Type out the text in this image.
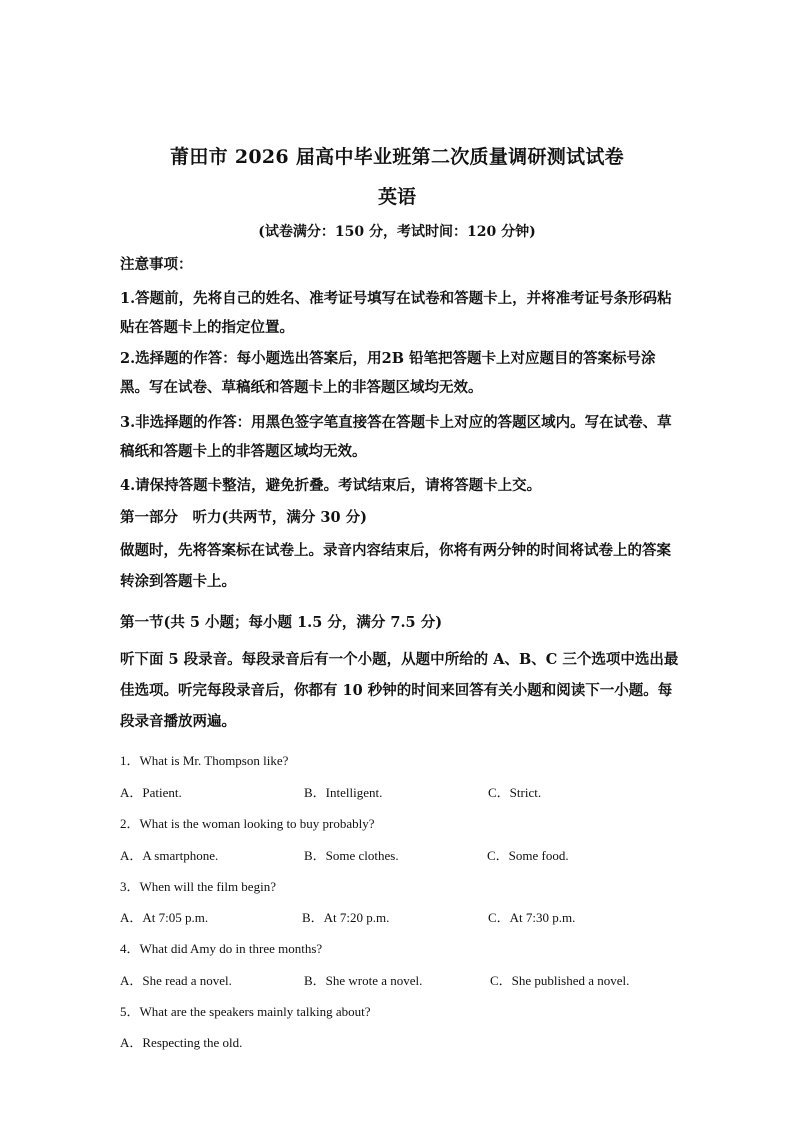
莆田市 2026 届高中毕业班第二次质量调研测试试卷
英语
(试卷满分：150 分，考试时间：120 分钟)
注意事项：
1.答题前，先将自己的姓名、准考证号填写在试卷和答题卡上，并将准考证号条形码粘贴在答题卡上的指定位置。
2.选择题的作答：每小题选出答案后，用2B 铅笔把答题卡上对应题目的答案标号涂黑。写在试卷、草稿纸和答题卡上的非答题区域均无效。
3.非选择题的作答：用黑色签字笔直接答在答题卡上对应的答题区域内。写在试卷、草稿纸和答题卡上的非答题区域均无效。
4.请保持答题卡整洁，避免折叠。考试结束后，请将答题卡上交。
第一部分　听力(共两节，满分 30 分)
做题时，先将答案标在试卷上。录音内容结束后，你将有两分钟的时间将试卷上的答案转涂到答题卡上。
第一节(共 5 小题；每小题 1.5 分，满分 7.5 分)
听下面 5 段录音。每段录音后有一个小题，从题中所给的 A、B、C 三个选项中选出最佳选项。听完每段录音后，你都有 10 秒钟的时间来回答有关小题和阅读下一小题。每段录音播放两遍。
1．What is Mr. Thompson like?
A．Patient.	B．Intelligent.	C．Strict.
2．What is the woman looking to buy probably?
A．A smartphone.	B．Some clothes.	C．Some food.
3．When will the film begin?
A．At 7:05 p.m.	B．At 7:20 p.m.	C．At 7:30 p.m.
4．What did Amy do in three months?
A．She read a novel.	B．She wrote a novel.	C．She published a novel.
5．What are the speakers mainly talking about?
A．Respecting the old.
